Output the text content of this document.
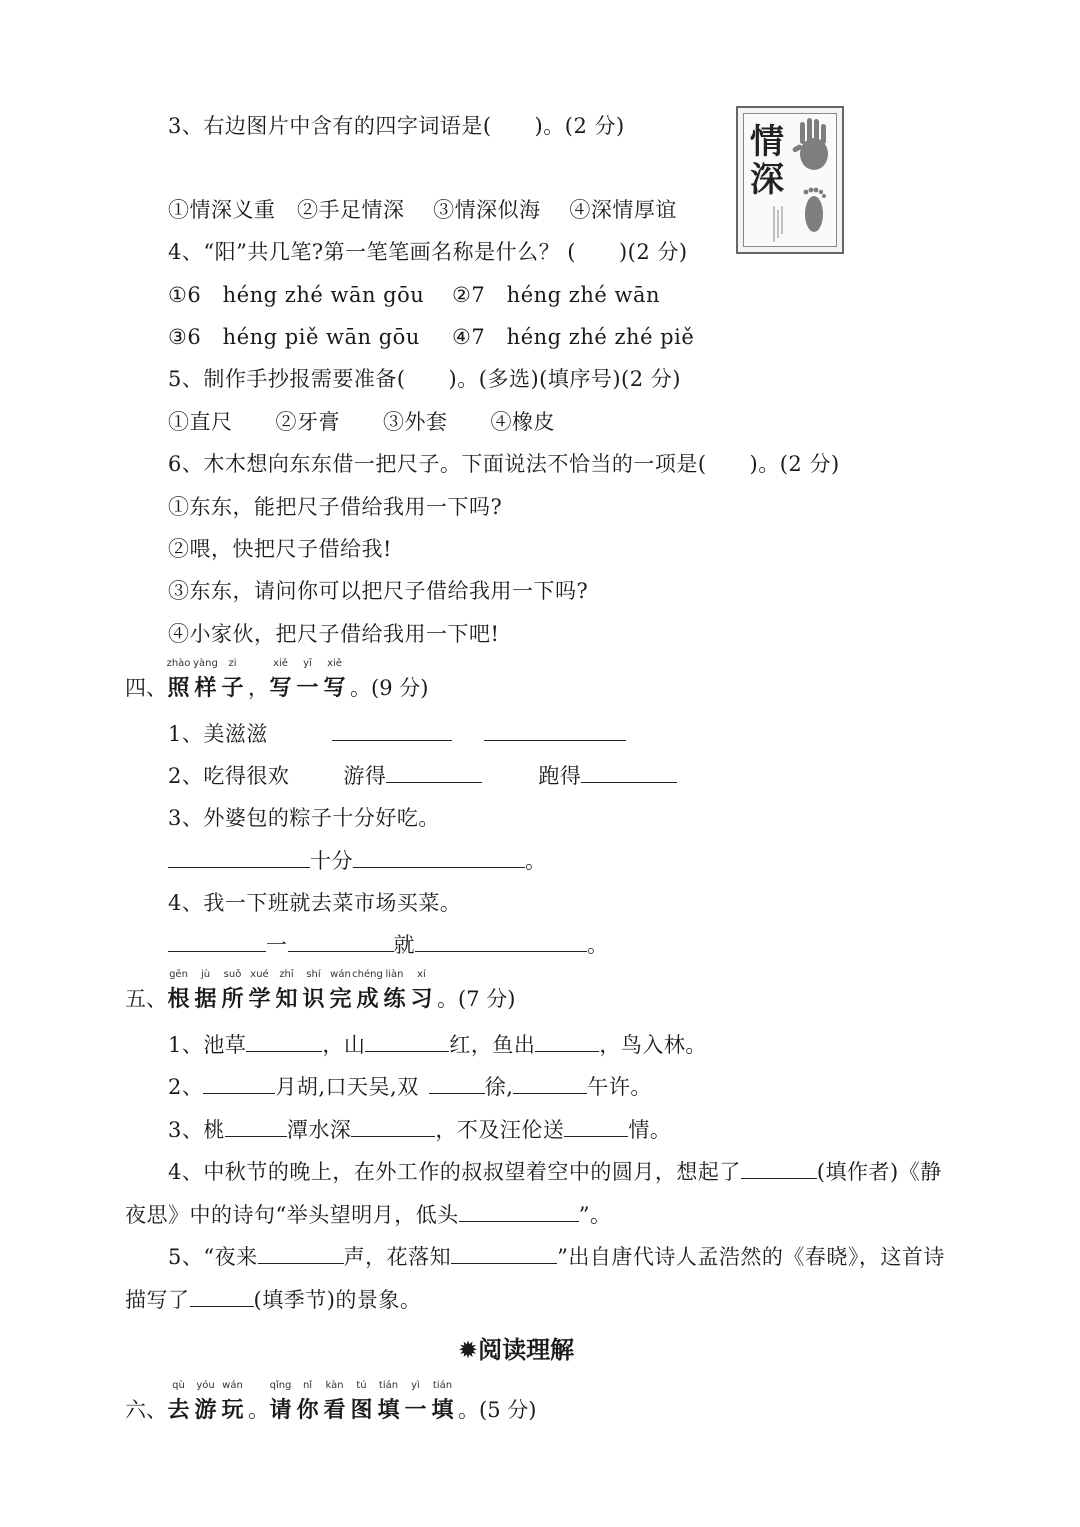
3、右边图片中含有的四字词语是(　　)。(2 分)	情
深
①情深义重　②手足情深　 ③情深似海　 ④深情厚谊
4、“阳”共几笔?第一笔笔画名称是什么？ (　　)(2 分)
①6　héng zhé wān gōu ②7　héng zhé wān
③6　héng piě wān gōu ④7　héng zhé zhé piě
5、制作手抄报需要准备(　　)。(多选)(填序号)(2 分)
①直尺　　②牙膏　　③外套　　④橡皮
6、木木想向东东借一把尺子。下面说法不恰当的一项是(　　)。(2 分)
①东东，能把尺子借给我用一下吗?
②喂，快把尺子借给我!
③东东，请问你可以把尺子借给我用一下吗?
④小家伙，把尺子借给我用一下吧!
四、
zhào
照
yàng
样
zi
子 ，
xiě
写
yī
一
xiě
写 。(9 分)
1、美滋滋
2、吃得很欢	游得	跑得
3、外婆包的粽子十分好吃。
十分	。
4、我一下班就去菜市场买菜。
一	就	。
五、
gēn
根
jù
据
suǒ
所
xué
学
zhī
知
shí
识
wán
完
chéng
成
liàn
练
xí
习 。(7 分)
1、池草	，山	红，鱼出	，鸟入林。
2、	月胡,口天吴,双	徐,	午许。
3、桃	潭水深	，不及汪伦送	情。
4、中秋节的晚上，在外工作的叔叔望着空中的圆月，想起了	(填作者)《静
夜思》中的诗句“举头望明月，低头	”。
5、“夜来	声，花落知	”出自唐代诗人孟浩然的《春晓》，这首诗
描写了	(填季节)的景象。
✹阅读理解
六、
qù
去
yóu
游
wán
玩 。
qǐng
请
nǐ
你
kàn
看
tú
图
tián
填
yì
一
tián
填 。(5 分)
